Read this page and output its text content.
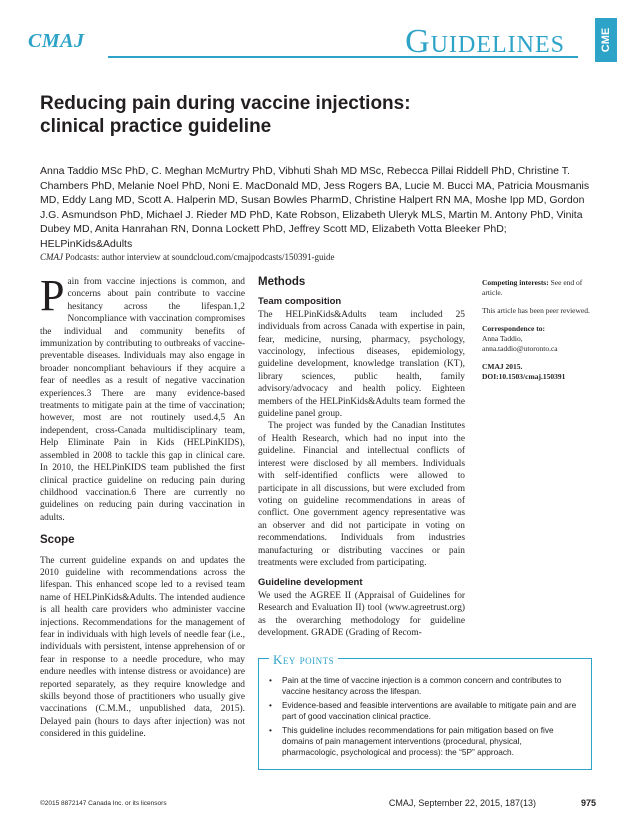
CMAJ	Guidelines	CME
Reducing pain during vaccine injections: clinical practice guideline

Anna Taddio MSc PhD, C. Meghan McMurtry PhD, Vibhuti Shah MD MSc, Rebecca Pillai Riddell PhD, Christine T. Chambers PhD, Melanie Noel PhD, Noni E. MacDonald MD, Jess Rogers BA, Lucie M. Bucci MA, Patricia Mousmanis MD, Eddy Lang MD, Scott A. Halperin MD, Susan Bowles PharmD, Christine Halpert RN MA, Moshe Ipp MD, Gordon J.G. Asmundson PhD, Michael J. Rieder MD PhD, Kate Robson, Elizabeth Uleryk MLS, Martin M. Antony PhD, Vinita Dubey MD, Anita Hanrahan RN, Donna Lockett PhD, Jeffrey Scott MD, Elizabeth Votta Bleeker PhD; HELPinKids&Adults

CMAJ Podcasts: author interview at soundcloud.com/cmajpodcasts/150391-guide

Pain from vaccine injections is common, and concerns about pain contribute to vaccine hesitancy across the lifespan.1,2 Noncompliance with vaccination compromises the individual and community benefits of immunization by contributing to outbreaks of vaccine-preventable diseases. Individuals may also engage in broader noncompliant behaviours if they acquire a fear of needles as a result of negative vaccination experiences.3 There are many evidence-based treatments to mitigate pain at the time of vaccination; however, most are not routinely used.4,5 An independent, cross-Canada multidisciplinary team, Help Eliminate Pain in Kids (HELPinKIDS), assembled in 2008 to tackle this gap in clinical care. In 2010, the HELPinKIDS team published the first clinical practice guideline on reducing pain during childhood vaccination.6 There are currently no guidelines on reducing pain during vaccination in adults.

Scope

The current guideline expands on and updates the 2010 guideline with recommendations across the lifespan. This enhanced scope led to a revised team name of HELPinKids&Adults. The intended audience is all health care providers who administer vaccine injections. Recommendations for the management of fear in individuals with high levels of needle fear (i.e., individuals with persistent, intense apprehension of or fear in response to a needle procedure, who may endure needles with intense distress or avoidance) are reported separately, as they require knowledge and skills beyond those of practitioners who usually give vaccinations (C.M.M., unpublished data, 2015). Delayed pain (hours to days after injection) was not considered in this guideline.

Methods

Team composition

The HELPinKids&Adults team included 25 individuals from across Canada with expertise in pain, fear, medicine, nursing, pharmacy, psychology, vaccinology, infectious diseases, epidemiology, guideline development, knowledge translation (KT), library sciences, public health, family advisory/advocacy and health policy. Eighteen members of the HELPinKids&Adults team formed the guideline panel group.

The project was funded by the Canadian Institutes of Health Research, which had no input into the guideline. Financial and intellectual conflicts of interest were disclosed by all members. Individuals with self-identified conflicts were allowed to participate in all discussions, but were excluded from voting on guideline recommendations in areas of conflict. One government agency representative was an observer and did not participate in voting on recommendations. Individuals from industries manufacturing or distributing vaccines or pain treatments were excluded from participating.

Guideline development

We used the AGREE II (Appraisal of Guidelines for Research and Evaluation II) tool (www.agreetrust.org) as the overarching methodology for guideline development. GRADE (Grading of Recom-

Competing interests: See end of article.

This article has been peer reviewed.

Correspondence to:
Anna Taddio,
anna.taddio@utoronto.ca

CMAJ 2015. DOI:10.1503/cmaj.150391

Key points
• Pain at the time of vaccine injection is a common concern and contributes to vaccine hesitancy across the lifespan.
• Evidence-based and feasible interventions are available to mitigate pain and are part of good vaccination clinical practice.
• This guideline includes recommendations for pain mitigation based on five domains of pain management interventions (procedural, physical, pharmacologic, psychological and process): the “5P” approach.
©2015 8872147 Canada Inc. or its licensors	CMAJ, September 22, 2015, 187(13)	975
